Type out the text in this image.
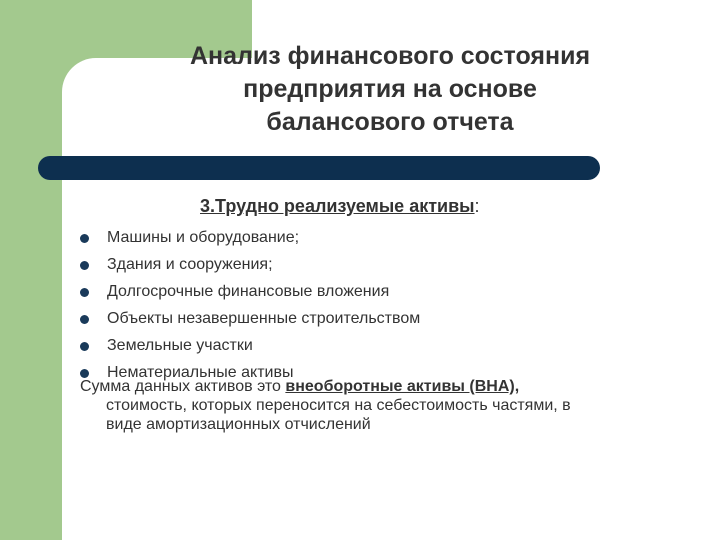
Анализ финансового состояния
предприятия на основе
балансового отчета
3.Трудно реализуемые активы:
Машины и оборудование;
Здания и сооружения;
Долгосрочные финансовые вложения
Объекты незавершенные строительством
Земельные участки
Нематериальные активы
Сумма данных активов это внеоборотные активы (ВНА),
стоимость, которых переносится на себестоимость частями, в
виде амортизационных отчислений
